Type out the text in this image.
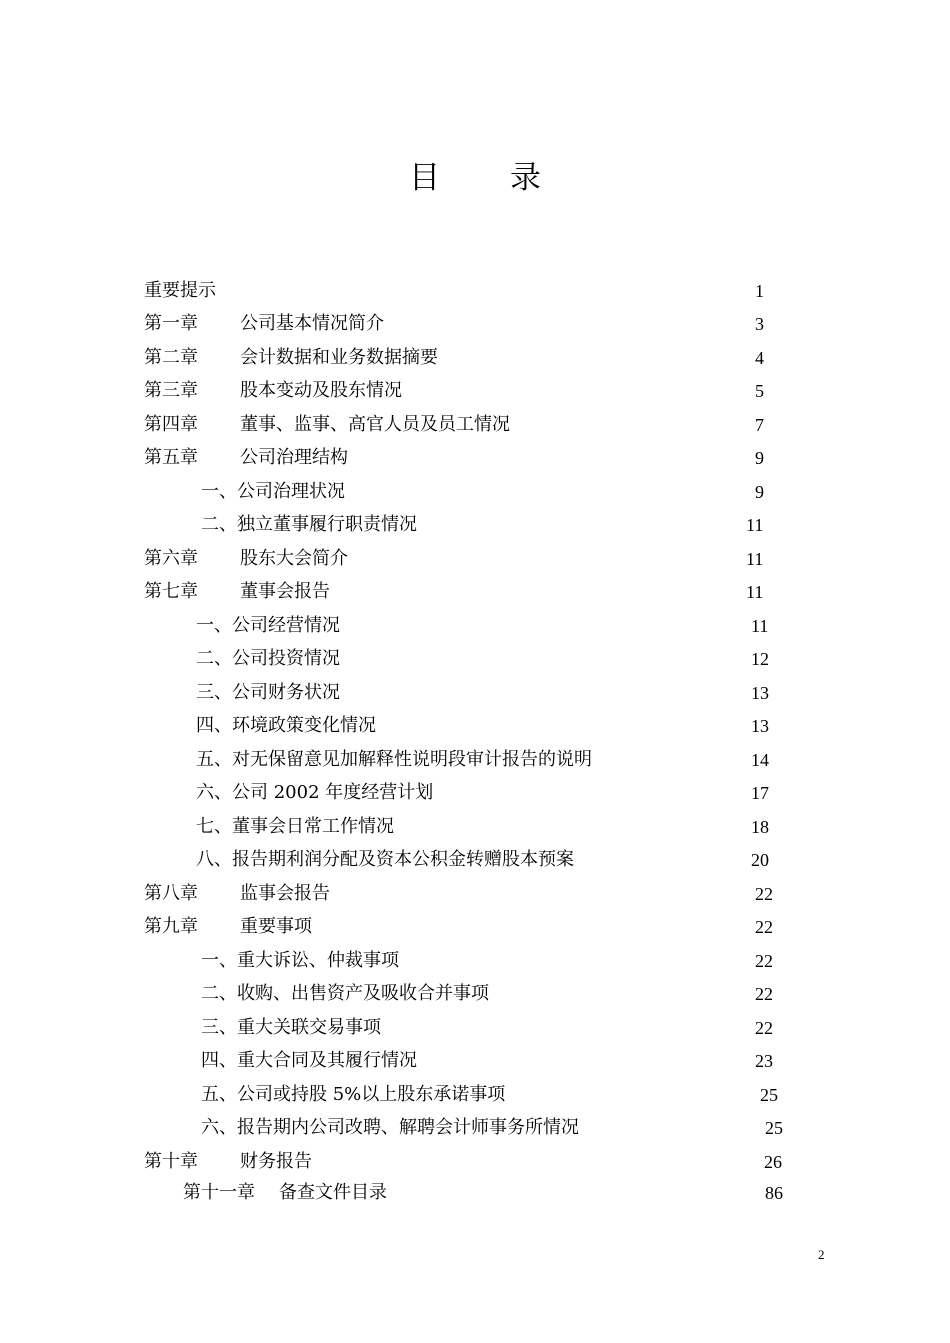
目 录
重要提示	1
第一章 公司基本情况简介	3
第二章 会计数据和业务数据摘要	4
第三章 股本变动及股东情况	5
第四章 董事、监事、高官人员及员工情况	7
第五章 公司治理结构	9
一、公司治理状况	9
二、独立董事履行职责情况	11
第六章 股东大会简介	11
第七章 董事会报告	11
一、公司经营情况	11
二、公司投资情况	12
三、公司财务状况	13
四、环境政策变化情况	13
五、对无保留意见加解释性说明段审计报告的说明	14
六、公司 2002 年度经营计划	17
七、董事会日常工作情况	18
八、报告期利润分配及资本公积金转赠股本预案	20
第八章 监事会报告	22
第九章 重要事项	22
一、重大诉讼、仲裁事项	22
二、收购、出售资产及吸收合并事项	22
三、重大关联交易事项	22
四、重大合同及其履行情况	23
五、公司或持股 5%以上股东承诺事项	25
六、报告期内公司改聘、解聘会计师事务所情况	25
第十章 财务报告	26
第十一章 备查文件目录	86
2
